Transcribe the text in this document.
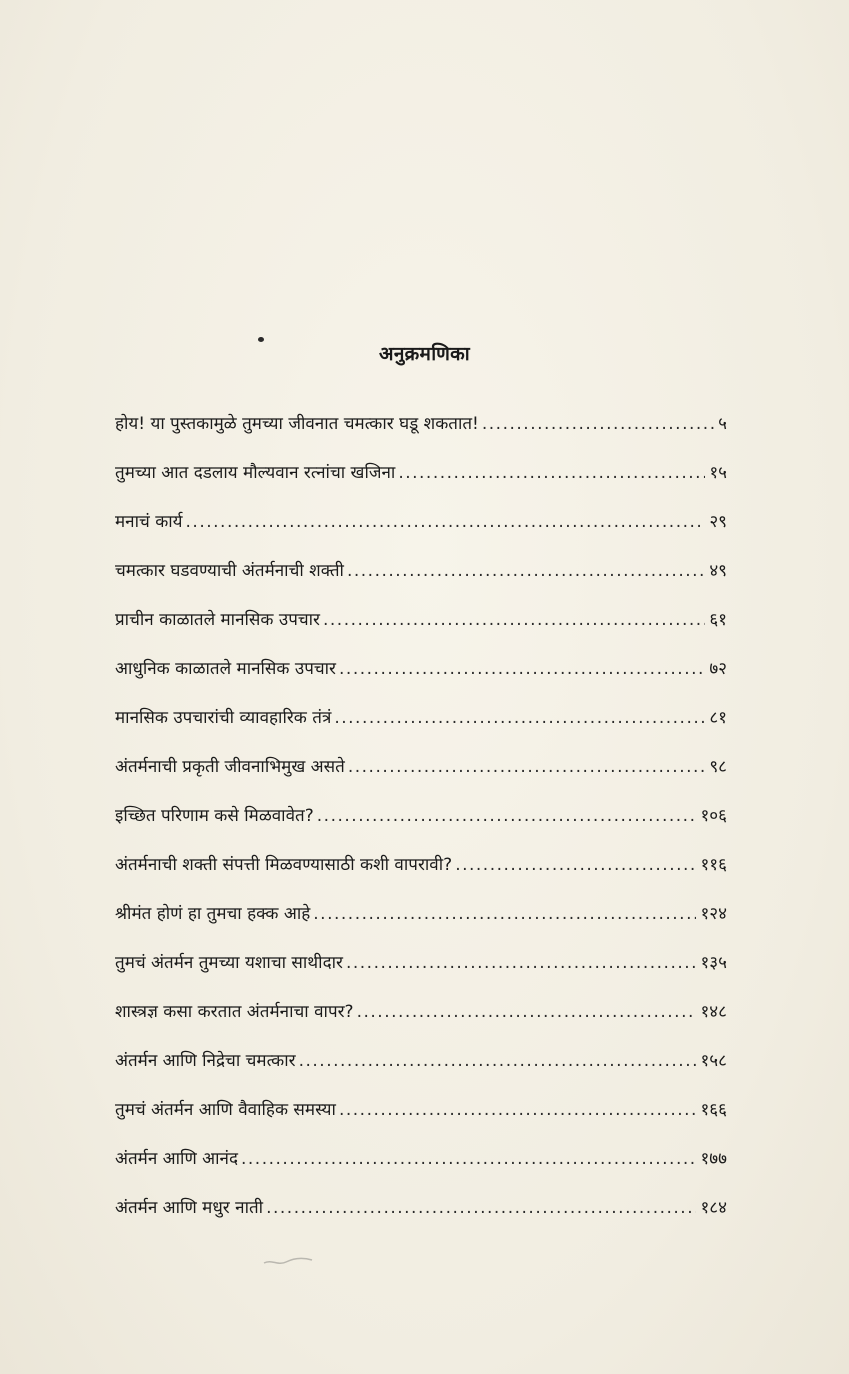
अनुक्रमणिका
होय! या पुस्तकामुळे तुमच्या जीवनात चमत्कार घडू शकतात! .....	५
तुमच्या आत दडलाय मौल्यवान रत्नांचा खजिना .....	१५
मनाचं कार्य .....	२९
चमत्कार घडवण्याची अंतर्मनाची शक्ती .....	४९
प्राचीन काळातले मानसिक उपचार .....	६१
आधुनिक काळातले मानसिक उपचार .....	७२
मानसिक उपचारांची व्यावहारिक तंत्रं .....	८१
अंतर्मनाची प्रकृती जीवनाभिमुख असते .....	९८
इच्छित परिणाम कसे मिळवावेत? .....	१०६
अंतर्मनाची शक्ती संपत्ती मिळवण्यासाठी कशी वापरावी? .....	११६
श्रीमंत होणं हा तुमचा हक्क आहे .....	१२४
तुमचं अंतर्मन तुमच्या यशाचा साथीदार .....	१३५
शास्त्रज्ञ कसा करतात अंतर्मनाचा वापर? .....	१४८
अंतर्मन आणि निद्रेचा चमत्कार .....	१५८
तुमचं अंतर्मन आणि वैवाहिक समस्या .....	१६६
अंतर्मन आणि आनंद .....	१७७
अंतर्मन आणि मधुर नाती .....	१८४
